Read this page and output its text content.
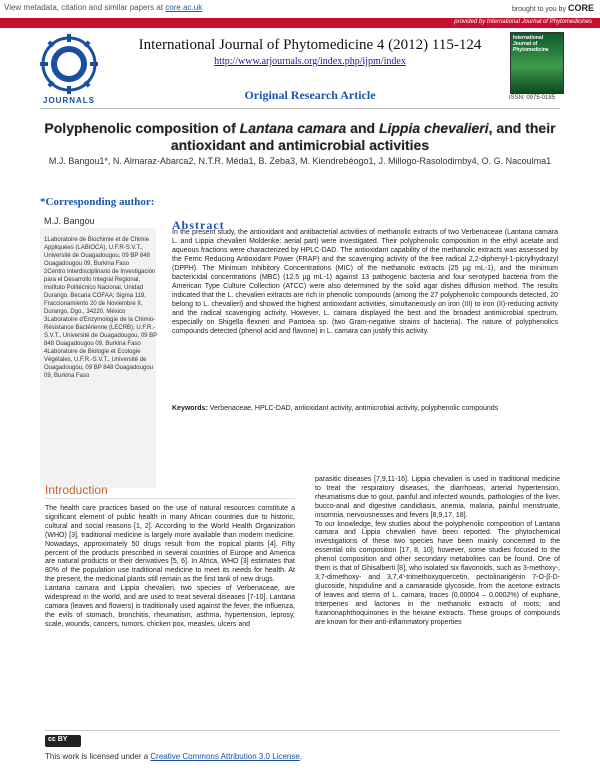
View metadata, citation and similar papers at core.ac.uk	brought to you by CORE
provided by International Journal of Phytomedicines
JOURNALS
International Journal of Phytomedicine 4 (2012) 115-124
http://www.arjournals.org/index.php/ijpm/index
Original Research Article
International Journal of Phytomedicine
ISSN: 0975-0185
Polyphenolic composition of Lantana camara and Lippia chevalieri, and their antioxidant and antimicrobial activities
M.J. Bangou1*, N. Almaraz-Abarca2, N.T.R. Méda1, B. Zeba3, M. Kiendrebéogo1, J. Millogo-Rasolodimby4, O. G. Nacoulma1
*Corresponding author:
M.J. Bangou

1Laboratoire de Biochimie et de Chimie Appliquées (LABIOCA), U.F.R-S.V.T., Université de Ouagadougou, 09 BP 848 Ouagadougou 09, Burkina Faso

2Centro Interdisciplinario de Investigación para el Desarrollo Integral Regional, Instituto Politécnico Nacional, Unidad Durango. Becaria COFAA; Sigma 119, Fraccionamiento 20 de Noviembre II, Durango, Dgo., 34220, México

3Laboratoire d'Enzymologie de la Chimio-Résistance Bactérienne (LECRB), U.F.R.-S.V.T., Université de Ouagadougou, 09 BP 848 Ouagadougou 09, Burkina Faso

4Laboratoire de Biologie et Ecologie Végétales, U.F.R.-S.V.T., Université de Ouagadougou, 09 BP 848 Ouagadougou 09, Burkina Faso

Abstract
In the present study, the antioxidant and antibacterial activities of methanolic extracts of two Verbenaceae (Lantana camara L. and Lippia chevalieri Moldenke: aerial part) were investigated. Their polyphenolic composition in the ethyl acetate and aqueous fractions were characterized by HPLC-DAD. The antioxidant capability of the methanolic extracts was assessed by the Ferric Reducing Antioxidant Power (FRAP) and the scavenging activity of the free radical 2,2-diphenyl-1-picrylhydrazyl (DPPH). The Minimum Inhibitory Concentrations (MIC) of the methanolic extracts (25 µg mL-1), and the minimum bactericidal concentrations (MBC) (12.5 µg mL-1) against 13 pathogenic bacteria and four serotyped bacteria from the American Type Culture Collection (ATCC) were also determined by the solid agar dishes diffusion method. The results indicated that the L. chevalieri extracts are rich in phenolic compounds (among the 27 polyphenolic compounds detected, 20 belong to L. chevalieri) and showed the highest antioxidant activities, simultaneously on iron (III) to iron (II)-reducing activity and the radical scavenging activity. However, L. camara displayed the best and the broadest antimicrobial spectrum, especially on Shigella flexneri and Pantoea sp. (two Gram-negative strains of bacteria). The nature of polyphenolics compounds detected (phenol acid and flavone) in L. camara can justify this activity.
Keywords: Verbenaceae, HPLC-DAD, antioxidant activity, antimicrobial activity, polyphenolic compounds
Introduction

The health care practices based on the use of natural resources constitute a significant element of public health in many African countries due to historic, cultural and social reasons [1, 2]. According to the World Health Organization (WHO) [3], traditional medicine is largely more available than modern medicine. Nowadays, approximately 50 drugs result from the tropical plants [4]. Fifty percent of the products prescribed in several countries of Europe and America are natural products or their derivatives [5, 6]. In Africa, WHO [3] estimates that 80% of the population use traditional medicine to meet its needs for health. At the present, the medicinal plants still remain as the first tank of new drugs.

Lantana camara and Lippia chevalieri, two species of Verbenaceae, are widespread in the world, and are used to treat several diseases [7-10]. Lantana camara (leaves and flowers) is traditionally used against the fever, the influenza, the evils of stomach, bronchitis, rheumatism, asthma, hypertension, leprosy, scale, wounds, cancers, tumors, chicken pox, measles, ulcers and

parasitic diseases [7,9,11-16]. Lippia chevalieri is used in traditional medicine to treat the respiratory diseases, the diarrhoeas, arterial hypertension, rheumatisms due to gout, painful and infected wounds, pathologies of the liver, bucco-anal and digestive candidiasis, anemia, malaria, painful menstruate, insomnia, nervousnesses and fevers [8,9,17, 18].

To our knowledge, few studies about the polyphenolic composition of Lantana camara and Lippia chevalieri have been reported. The phytochemical investigations of these two species have been mainly concerned to the essential oils composition [17, 8, 10]; however, some studies focused to the phenol composition and other secondary metabolites can be found. One of them is that of Ghisalberti [8], who isolated six flavonoids, such as 3-methoxy-, 3,7-dimethoxy- and 3,7,4'-trimethoxyquercetin, pectolinarigénin 7-O-β-D-glucoside, hispiduline and a camaraside glycoside, from the acetone extracts of leaves and stems of L. camara, traces (0.00004 – 0.0002%) of euphane, triterpenes and lactones in the methanolic extracts of roots; and furanonaphthoquinones in the hexane extracts. These groups of compounds are known for their anti-inflammatory properties

cc BY
This work is licensed under a Creative Commons Attribution 3.0 License.
